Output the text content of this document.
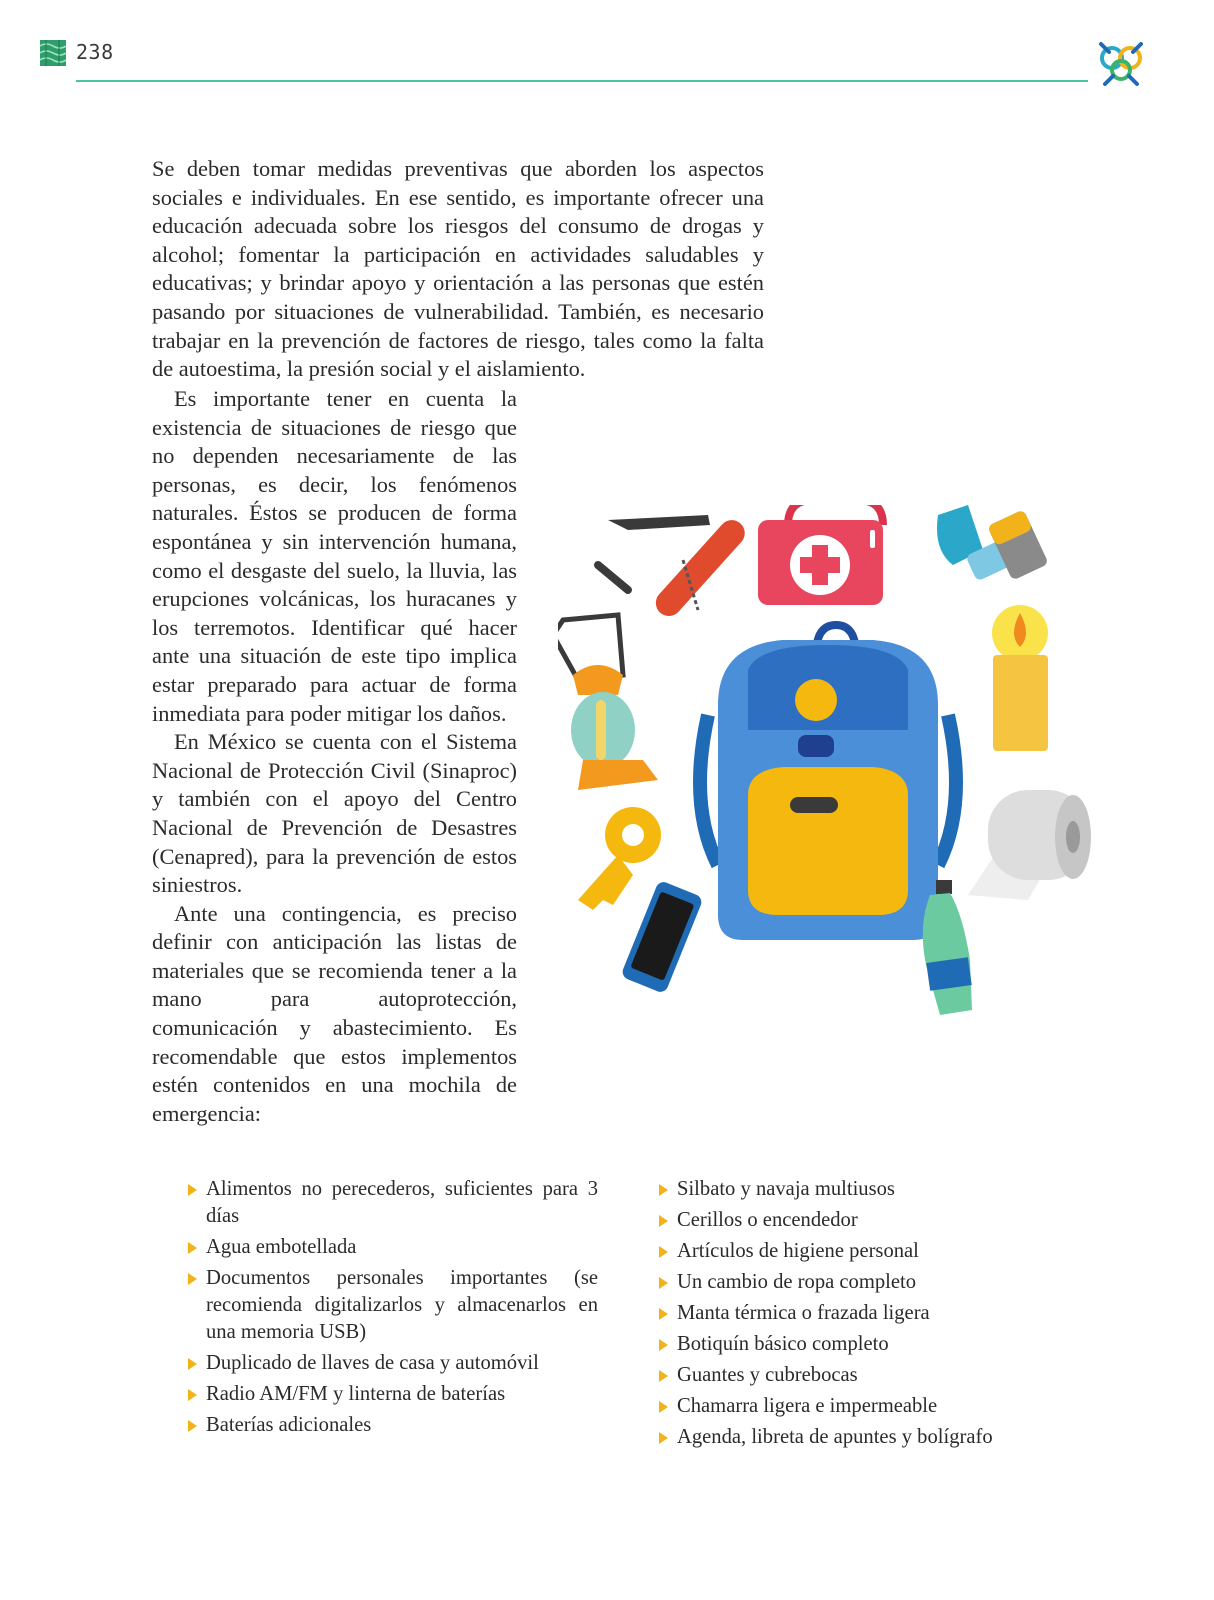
238

Se deben tomar medidas preventivas que aborden los aspectos sociales e individuales. En ese sentido, es importante ofrecer una educación adecuada sobre los riesgos del consumo de drogas y alcohol; fomentar la participación en actividades saludables y educativas; y brindar apoyo y orientación a las personas que estén pasando por situaciones de vulnerabilidad. También, es necesario trabajar en la prevención de factores de riesgo, tales como la falta de autoestima, la presión social y el aislamiento.

Es importante tener en cuenta la existencia de situaciones de riesgo que no dependen necesariamente de las personas, es decir, los fenómenos naturales. Éstos se producen de forma espontánea y sin intervención humana, como el desgaste del suelo, la lluvia, las erupciones volcánicas, los huracanes y los terremotos. Identificar qué hacer ante una situación de este tipo implica estar preparado para actuar de forma inmediata para poder mitigar los daños.

En México se cuenta con el Sistema Nacional de Protección Civil (Sinaproc) y también con el apoyo del Centro Nacional de Prevención de Desastres (Cenapred), para la prevención de estos siniestros.

Ante una contingencia, es preciso definir con anticipación las listas de materiales que se recomienda tener a la mano para autoprotección, comunicación y abastecimiento. Es recomendable que estos implementos estén contenidos en una mochila de emergencia:

Alimentos no perecederos, suficientes para 3 días
Agua embotellada
Documentos personales importantes (se recomienda digitalizarlos y almacenarlos en una memoria USB)
Duplicado de llaves de casa y automóvil
Radio AM/FM y linterna de baterías
Baterías adicionales
Silbato y navaja multiusos
Cerillos o encendedor
Artículos de higiene personal
Un cambio de ropa completo
Manta térmica o frazada ligera
Botiquín básico completo
Guantes y cubrebocas
Chamarra ligera e impermeable
Agenda, libreta de apuntes y bolígrafo
